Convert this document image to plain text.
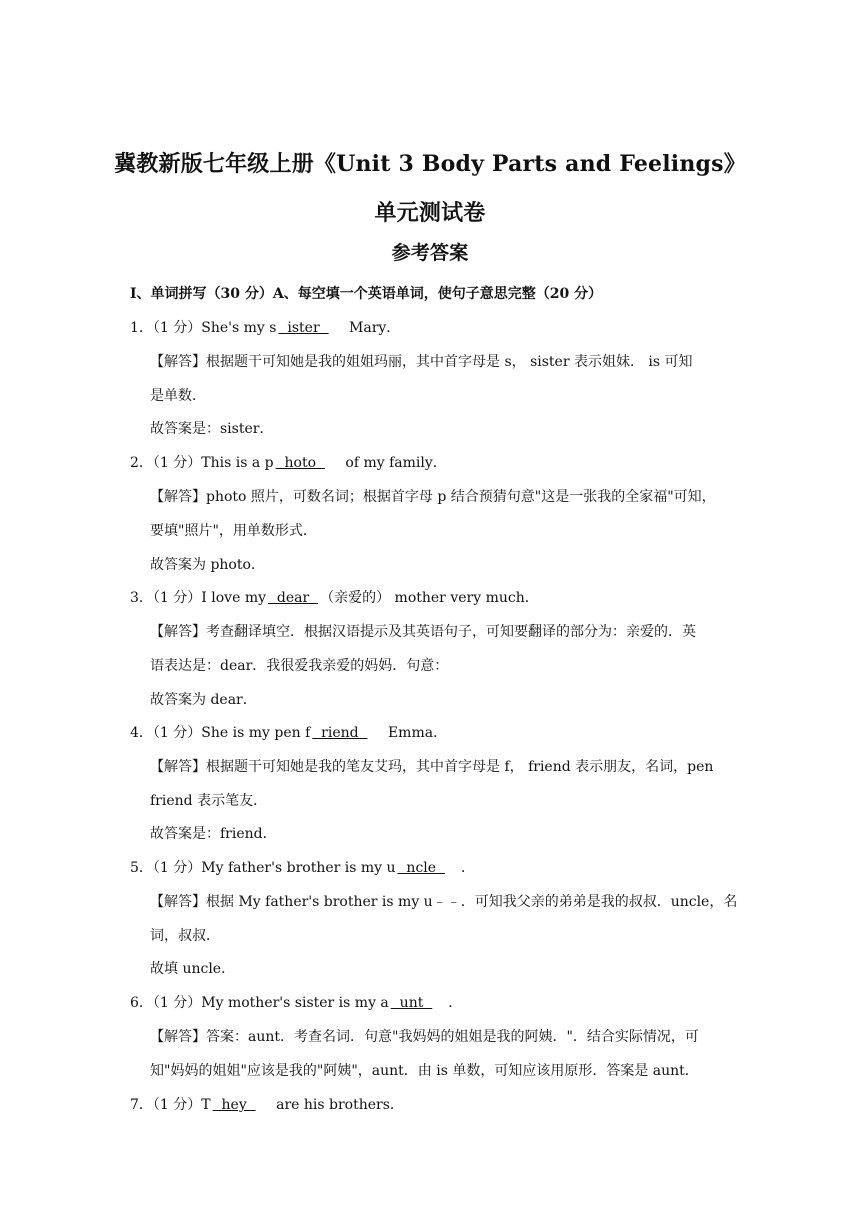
冀教新版七年级上册《Unit 3 Body Parts and Feelings》
单元测试卷
参考答案
I、单词拼写（30 分）A、每空填一个英语单词，使句子意思完整（20 分）
1．（1 分）She's my s  ister   Mary．
【解答】根据题干可知她是我的姐姐玛丽，其中首字母是 s， sister 表示姐妹． is 可知
是单数．
故答案是：sister．
2．（1 分）This is a p  hoto   of my family．
【解答】photo 照片，可数名词；根据首字母 p 结合预猜句意"这是一张我的全家福"可知，
要填"照片"，用单数形式．
故答案为 photo．
3．（1 分）I love my  dear  （亲爱的） mother very much．
【解答】考查翻译填空．根据汉语提示及其英语句子，可知要翻译的部分为：亲爱的．英
语表达是：dear．我很爱我亲爱的妈妈．句意：
故答案为 dear．
4．（1 分）She is my pen f  riend   Emma．
【解答】根据题干可知她是我的笔友艾玛，其中首字母是 f， friend 表示朋友，名词，pen
friend 表示笔友．
故答案是：friend．
5．（1 分）My father's brother is my u  ncle  ．
【解答】根据 My father's brother is my u﹣﹣．可知我父亲的弟弟是我的叔叔．uncle，名
词，叔叔．
故填 uncle．
6．（1 分）My mother's sister is my a  unt  ．
【解答】答案：aunt．考查名词．句意"我妈妈的姐姐是我的阿姨．"．结合实际情况，可
知"妈妈的姐姐"应该是我的"阿姨"，aunt．由 is 单数，可知应该用原形．答案是 aunt．
7．（1 分）T  hey   are his brothers．
